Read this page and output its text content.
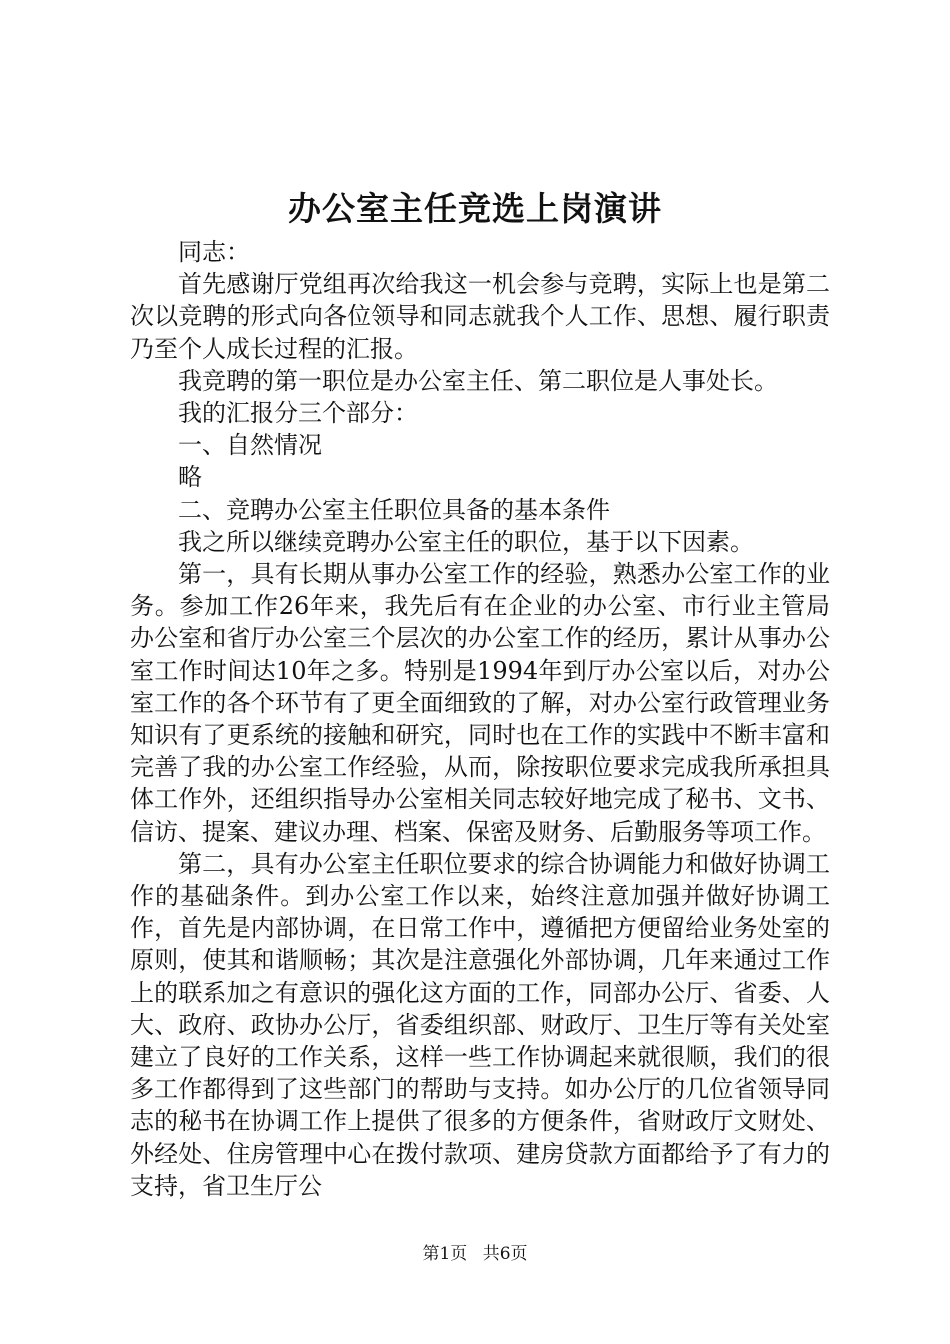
办公室主任竞选上岗演讲

同志：

首先感谢厅党组再次给我这一机会参与竞聘，实际上也是第二次以竞聘的形式向各位领导和同志就我个人工作、思想、履行职责乃至个人成长过程的汇报。

我竞聘的第一职位是办公室主任、第二职位是人事处长。

我的汇报分三个部分：

一、自然情况

略

二、竞聘办公室主任职位具备的基本条件

我之所以继续竞聘办公室主任的职位，基于以下因素。

第一，具有长期从事办公室工作的经验，熟悉办公室工作的业务。参加工作26年来，我先后有在企业的办公室、市行业主管局办公室和省厅办公室三个层次的办公室工作的经历，累计从事办公室工作时间达10年之多。特别是1994年到厅办公室以后，对办公室工作的各个环节有了更全面细致的了解，对办公室行政管理业务知识有了更系统的接触和研究，同时也在工作的实践中不断丰富和完善了我的办公室工作经验，从而，除按职位要求完成我所承担具体工作外，还组织指导办公室相关同志较好地完成了秘书、文书、信访、提案、建议办理、档案、保密及财务、后勤服务等项工作。

第二，具有办公室主任职位要求的综合协调能力和做好协调工作的基础条件。到办公室工作以来，始终注意加强并做好协调工作，首先是内部协调，在日常工作中，遵循把方便留给业务处室的原则，使其和谐顺畅；其次是注意强化外部协调，几年来通过工作上的联系加之有意识的强化这方面的工作，同部办公厅、省委、人大、政府、政协办公厅，省委组织部、财政厅、卫生厅等有关处室建立了良好的工作关系，这样一些工作协调起来就很顺，我们的很多工作都得到了这些部门的帮助与支持。如办公厅的几位省领导同志的秘书在协调工作上提供了很多的方便条件，省财政厅文财处、外经处、住房管理中心在拨付款项、建房贷款方面都给予了有力的支持，省卫生厅公

第1页 共6页
